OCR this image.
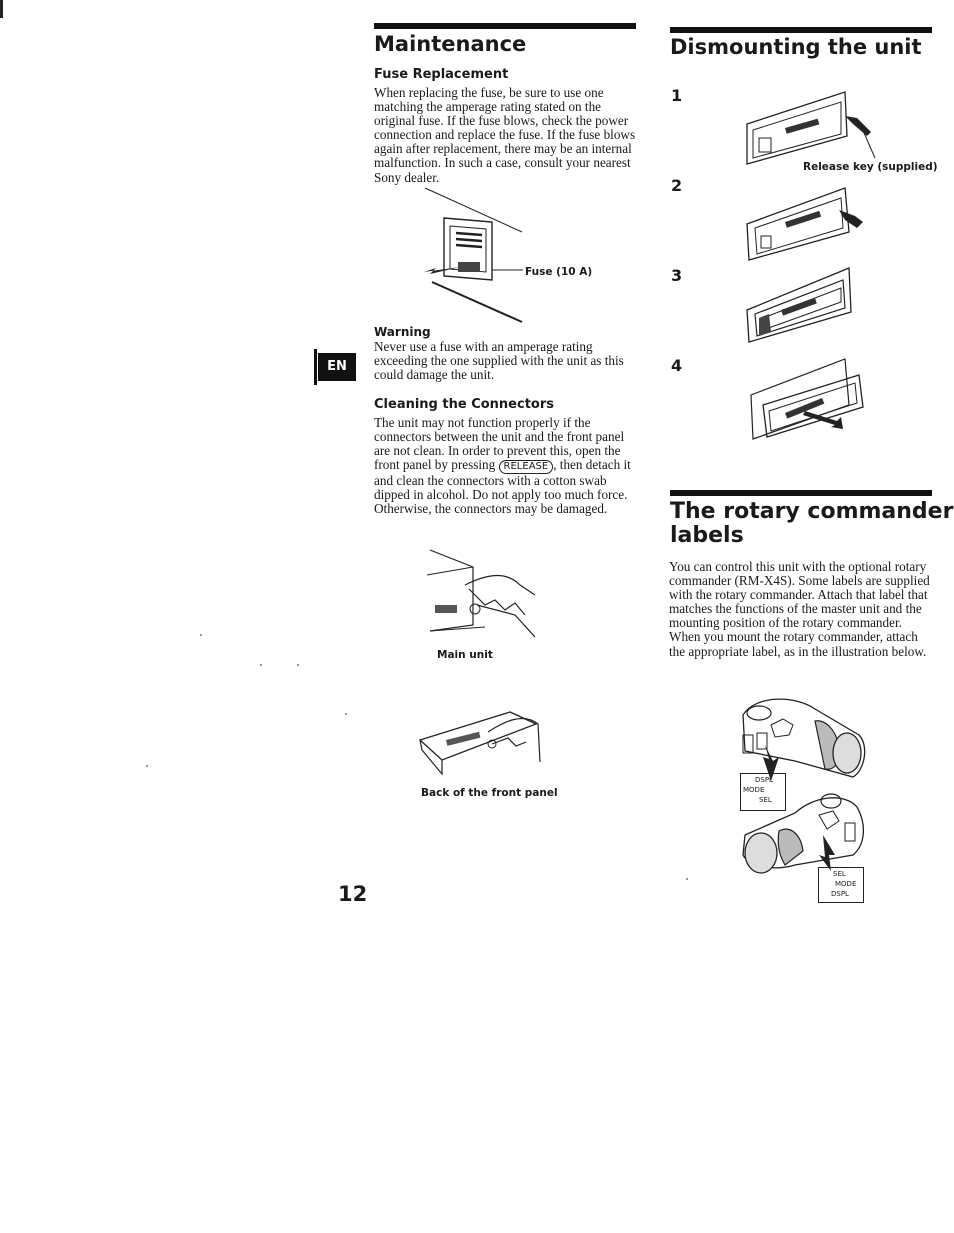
Maintenance
Fuse Replacement

When replacing the fuse, be sure to use one matching the amperage rating stated on the original fuse. If the fuse blows, check the power connection and replace the fuse. If the fuse blows again after replacement, there may be an internal malfunction. In such a case, consult your nearest Sony dealer.

Fuse (10 A)
Warning

Never use a fuse with an amperage rating exceeding the one supplied with the unit as this could damage the unit.

EN
Cleaning the Connectors

The unit may not function properly if the connectors between the unit and the front panel are not clean. In order to prevent this, open the front panel by pressing RELEASE , then detach it and clean the connectors with a cotton swab dipped in alcohol. Do not apply too much force. Otherwise, the connectors may be damaged.

Main unit
Back of the front panel
12
Dismounting the unit
1
2
3
4
Release key (supplied)
The rotary commander
labels

You can control this unit with the optional rotary commander (RM-X4S). Some labels are supplied with the rotary commander. Attach that label that matches the functions of the master unit and the mounting position of the rotary commander. When you mount the rotary commander, attach the appropriate label, as in the illustration below.

DSPL
MODE
SEL
SEL
MODE
DSPL
